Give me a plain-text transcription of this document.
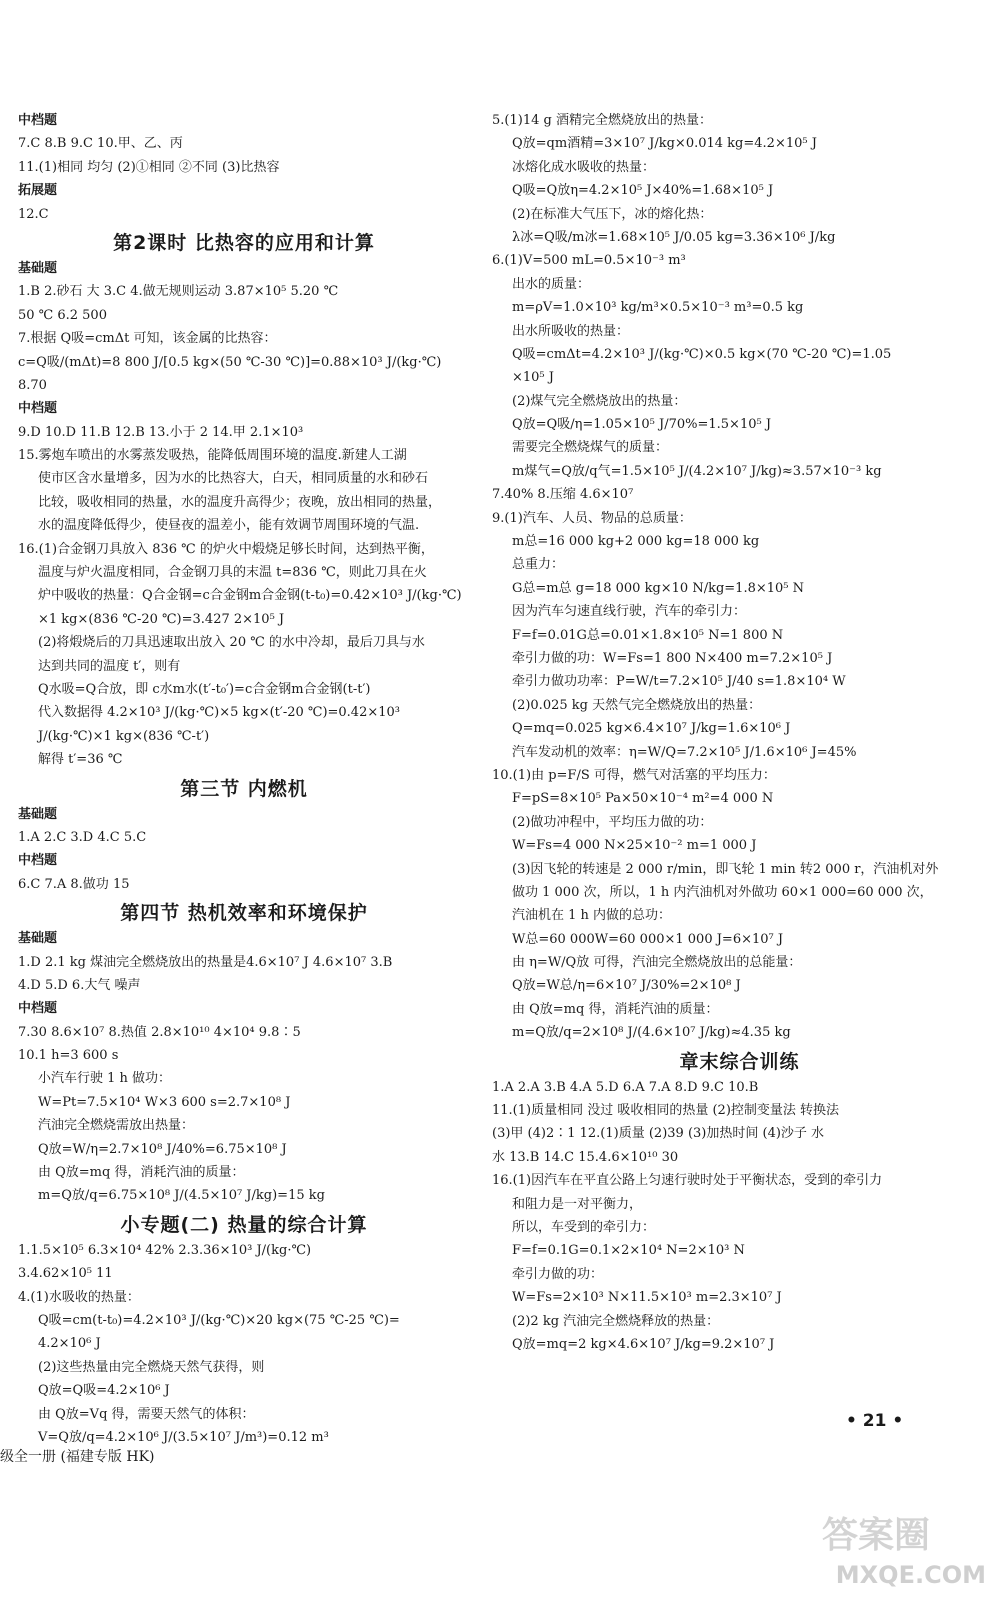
中档题
7.C 8.B 9.C 10.甲、乙、丙
11.(1)相同 均匀 (2)①相同 ②不同 (3)比热容
拓展题
12.C
第2课时 比热容的应用和计算
基础题
1.B 2.砂石 大 3.C 4.做无规则运动 3.87×10⁵ 5.20 ℃
50 ℃ 6.2 500
7.根据 Q吸=cmΔt 可知，该金属的比热容：
c=Q吸/(mΔt)=8 800 J/[0.5 kg×(50 ℃-30 ℃)]=0.88×10³ J/(kg·℃)
8.70
中档题
9.D 10.D 11.B 12.B 13.小于 2 14.甲 2.1×10³
15.雾炮车喷出的水雾蒸发吸热，能降低周围环境的温度.新建人工湖
使市区含水量增多，因为水的比热容大，白天，相同质量的水和砂石
比较，吸收相同的热量，水的温度升高得少；夜晚，放出相同的热量，
水的温度降低得少，使昼夜的温差小，能有效调节周围环境的气温.
16.(1)合金钢刀具放入 836 ℃ 的炉火中煅烧足够长时间，达到热平衡，
温度与炉火温度相同，合金钢刀具的末温 t=836 ℃，则此刀具在火
炉中吸收的热量：Q合金钢=c合金钢m合金钢(t-t₀)=0.42×10³ J/(kg·℃)
×1 kg×(836 ℃-20 ℃)=3.427 2×10⁵ J
(2)将煅烧后的刀具迅速取出放入 20 ℃ 的水中冷却，最后刀具与水
达到共同的温度 t′，则有
Q水吸=Q合放，即 c水m水(t′-t₀′)=c合金钢m合金钢(t-t′)
代入数据得 4.2×10³ J/(kg·℃)×5 kg×(t′-20 ℃)=0.42×10³
J/(kg·℃)×1 kg×(836 ℃-t′)
解得 t′=36 ℃
第三节 内燃机
基础题
1.A 2.C 3.D 4.C 5.C
中档题
6.C 7.A 8.做功 15
第四节 热机效率和环境保护
基础题
1.D 2.1 kg 煤油完全燃烧放出的热量是4.6×10⁷ J 4.6×10⁷ 3.B
4.D 5.D 6.大气 噪声
中档题
7.30 8.6×10⁷ 8.热值 2.8×10¹⁰ 4×10⁴ 9.8∶5
10.1 h=3 600 s
小汽车行驶 1 h 做功：
W=Pt=7.5×10⁴ W×3 600 s=2.7×10⁸ J
汽油完全燃烧需放出热量：
Q放=W/η=2.7×10⁸ J/40%=6.75×10⁸ J
由 Q放=mq 得，消耗汽油的质量：
m=Q放/q=6.75×10⁸ J/(4.5×10⁷ J/kg)=15 kg
小专题(二) 热量的综合计算
1.1.5×10⁵ 6.3×10⁴ 42% 2.3.36×10³ J/(kg·℃)
3.4.62×10⁵ 11
4.(1)水吸收的热量：
Q吸=cm(t-t₀)=4.2×10³ J/(kg·℃)×20 kg×(75 ℃-25 ℃)=
4.2×10⁶ J
(2)这些热量由完全燃烧天然气获得，则
Q放=Q吸=4.2×10⁶ J
由 Q放=Vq 得，需要天然气的体积：
V=Q放/q=4.2×10⁶ J/(3.5×10⁷ J/m³)=0.12 m³
5.(1)14 g 酒精完全燃烧放出的热量：
Q放=qm酒精=3×10⁷ J/kg×0.014 kg=4.2×10⁵ J
冰熔化成水吸收的热量：
Q吸=Q放η=4.2×10⁵ J×40%=1.68×10⁵ J
(2)在标准大气压下，冰的熔化热：
λ冰=Q吸/m冰=1.68×10⁵ J/0.05 kg=3.36×10⁶ J/kg
6.(1)V=500 mL=0.5×10⁻³ m³
出水的质量：
m=ρV=1.0×10³ kg/m³×0.5×10⁻³ m³=0.5 kg
出水所吸收的热量：
Q吸=cmΔt=4.2×10³ J/(kg·℃)×0.5 kg×(70 ℃-20 ℃)=1.05
×10⁵ J
(2)煤气完全燃烧放出的热量：
Q放=Q吸/η=1.05×10⁵ J/70%=1.5×10⁵ J
需要完全燃烧煤气的质量：
m煤气=Q放/q气=1.5×10⁵ J/(4.2×10⁷ J/kg)≈3.57×10⁻³ kg
7.40% 8.压缩 4.6×10⁷
9.(1)汽车、人员、物品的总质量：
m总=16 000 kg+2 000 kg=18 000 kg
总重力：
G总=m总 g=18 000 kg×10 N/kg=1.8×10⁵ N
因为汽车匀速直线行驶，汽车的牵引力：
F=f=0.01G总=0.01×1.8×10⁵ N=1 800 N
牵引力做的功：W=Fs=1 800 N×400 m=7.2×10⁵ J
牵引力做功功率：P=W/t=7.2×10⁵ J/40 s=1.8×10⁴ W
(2)0.025 kg 天然气完全燃烧放出的热量：
Q=mq=0.025 kg×6.4×10⁷ J/kg=1.6×10⁶ J
汽车发动机的效率：η=W/Q=7.2×10⁵ J/1.6×10⁶ J=45%
10.(1)由 p=F/S 可得，燃气对活塞的平均压力：
F=pS=8×10⁵ Pa×50×10⁻⁴ m²=4 000 N
(2)做功冲程中，平均压力做的功：
W=Fs=4 000 N×25×10⁻² m=1 000 J
(3)因飞轮的转速是 2 000 r/min，即飞轮 1 min 转2 000 r，汽油机对外
做功 1 000 次，所以，1 h 内汽油机对外做功 60×1 000=60 000 次，
汽油机在 1 h 内做的总功：
W总=60 000W=60 000×1 000 J=6×10⁷ J
由 η=W/Q放 可得，汽油完全燃烧放出的总能量：
Q放=W总/η=6×10⁷ J/30%=2×10⁸ J
由 Q放=mq 得，消耗汽油的质量：
m=Q放/q=2×10⁸ J/(4.6×10⁷ J/kg)≈4.35 kg
章末综合训练
1.A 2.A 3.B 4.A 5.D 6.A 7.A 8.D 9.C 10.B
11.(1)质量相同 没过 吸收相同的热量 (2)控制变量法 转换法
(3)甲 (4)2∶1 12.(1)质量 (2)39 (3)加热时间 (4)沙子 水
水 13.B 14.C 15.4.6×10¹⁰ 30
16.(1)因汽车在平直公路上匀速行驶时处于平衡状态，受到的牵引力
和阻力是一对平衡力，
所以，车受到的牵引力：
F=f=0.1G=0.1×2×10⁴ N=2×10³ N
牵引力做的功：
W=Fs=2×10³ N×11.5×10³ m=2.3×10⁷ J
(2)2 kg 汽油完全燃烧释放的热量：
Q放=mq=2 kg×4.6×10⁷ J/kg=9.2×10⁷ J
级全一册 (福建专版 HK)
• 21 •
答案圈
MXQE.COM
